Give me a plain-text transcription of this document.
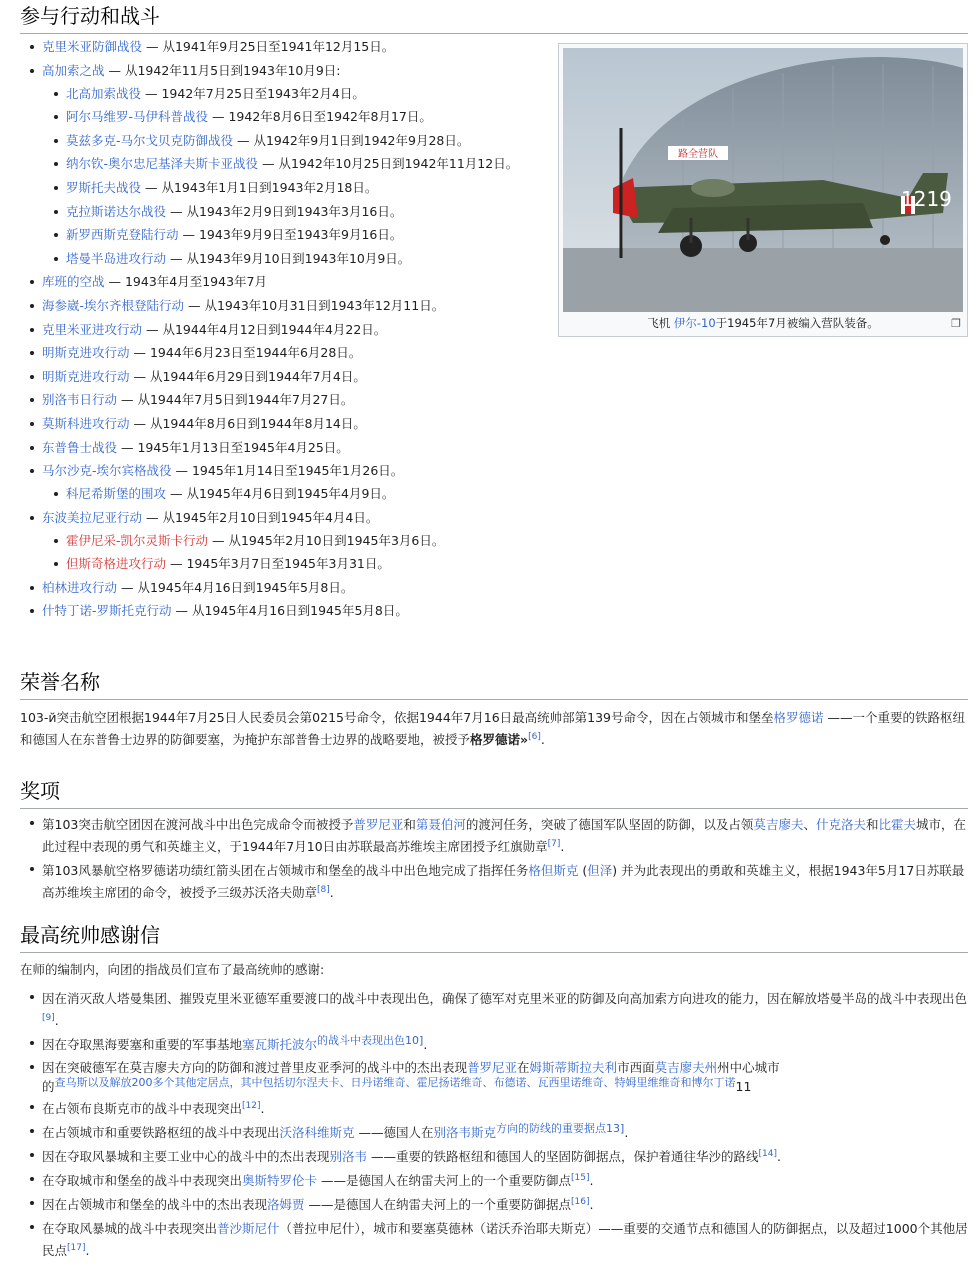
参与行动和战斗
克里米亚防御战役 — 从1941年9月25日至1941年12月15日。
高加索之战 — 从1942年11月5日到1943年10月9日:
北高加索战役 — 1942年7月25日至1943年2月4日。
阿尔马维罗-马伊科普战役 — 1942年8月6日至1942年8月17日。
莫兹多克-马尔戈贝克防御战役 — 从1942年9月1日到1942年9月28日。
纳尔钦-奥尔忠尼基泽夫斯卡亚战役 — 从1942年10月25日到1942年11月12日。
罗斯托夫战役 — 从1943年1月1日到1943年2月18日。
克拉斯诺达尔战役 — 从1943年2月9日到1943年3月16日。
新罗西斯克登陆行动 — 1943年9月9日至1943年9月16日。
塔曼半岛进攻行动 — 从1943年9月10日到1943年10月9日。
库班的空战 — 1943年4月至1943年7月
海参崴-埃尔齐根登陆行动 — 从1943年10月31日到1943年12月11日。
克里米亚进攻行动 — 从1944年4月12日到1944年4月22日。
明斯克进攻行动 — 1944年6月23日至1944年6月28日。
明斯克进攻行动 — 从1944年6月29日到1944年7月4日。
别洛韦日行动 — 从1944年7月5日到1944年7月27日。
莫斯科进攻行动 — 从1944年8月6日到1944年8月14日。
东普鲁士战役 — 1945年1月13日至1945年4月25日。
马尔沙克-埃尔宾格战役 — 1945年1月14日至1945年1月26日。
科尼希斯堡的围攻 — 从1945年4月6日到1945年4月9日。
东波美拉尼亚行动 — 从1945年2月10日到1945年4月4日。
霍伊尼采-凯尔灵斯卡行动 — 从1945年2月10日到1945年3月6日。
但斯奇格进攻行动 — 1945年3月7日至1945年3月31日。
柏林进攻行动 — 从1945年4月16日到1945年5月8日。
什特丁诺-罗斯托克行动 — 从1945年4月16日到1945年5月8日。
路全营队
1219
飞机 伊尔-10于1945年7月被编入营队装备。	❐
荣誉名称

103-й突击航空团根据1944年7月25日人民委员会第0215号命令，依据1944年7月16日最高统帅部第139号命令，因在占领城市和堡垒格罗德诺 ——一个重要的铁路枢纽和德国人在东普鲁士边界的防御要塞，为掩护东部普鲁士边界的战略要地，被授予格罗德诺»[6].

奖项
第103突击航空团因在渡河战斗中出色完成命令而被授予普罗尼亚和第聂伯河的渡河任务，突破了德国军队坚固的防御，以及占领莫吉廖夫、什克洛夫和比霍夫城市，在此过程中表现的勇气和英雄主义，于1944年7月10日由苏联最高苏维埃主席团授予红旗勋章[7].
第103风暴航空格罗德诺功绩红箭头团在占领城市和堡垒的战斗中出色地完成了指挥任务格但斯克 (但泽) 并为此表现出的勇敢和英雄主义，根据1943年5月17日苏联最高苏维埃主席团的命令，被授予三级苏沃洛夫勋章[8].
最高统帅感谢信

在师的编制内，向团的指战员们宣布了最高统帅的感谢:

因在消灭敌人塔曼集团、摧毁克里米亚德军重要渡口的战斗中表现出色，确保了德军对克里米亚的防御及向高加索方向进攻的能力，因在解放塔曼半岛的战斗中表现出色[9].
因在夺取黑海要塞和重要的军事基地塞瓦斯托波尔$^{的战斗中表现出色10]}$.
因在突破德军在莫吉廖夫方向的防御和渡过普里皮亚季河的战斗中的杰出表现普罗尼亚在姆斯蒂斯拉夫利市西面莫吉廖夫州州中心城市
的$^{查乌斯以及解放200多个其他定居点,其中包括切尔涅夫卡、日丹诺维奇、霍尼扬诺维奇、布德诺、瓦西里诺维奇、特姆里维维奇和博尔丁诺}$11
在占领布良斯克市的战斗中表现突出[12].
在占领城市和重要铁路枢纽的战斗中表现出沃洛科维斯克 ——德国人在别洛韦斯克$^{方向的防线的重要据点13]}$.
因在夺取风暴城和主要工业中心的战斗中的杰出表现别洛韦 ——重要的铁路枢纽和德国人的坚固防御据点，保护着通往华沙的路线[14].
在夺取城市和堡垒的战斗中表现突出奥斯特罗伦卡 ——是德国人在纳雷夫河上的一个重要防御点[15].
因在占领城市和堡垒的战斗中的杰出表现洛姆贾 ——是德国人在纳雷夫河上的一个重要防御据点[16].
在夺取风暴城的战斗中表现突出普沙斯尼什（普拉申尼什），城市和要塞莫德林（诺沃乔治耶夫斯克）——重要的交通节点和德国人的防御据点，以及超过1000个其他居民点[17].
